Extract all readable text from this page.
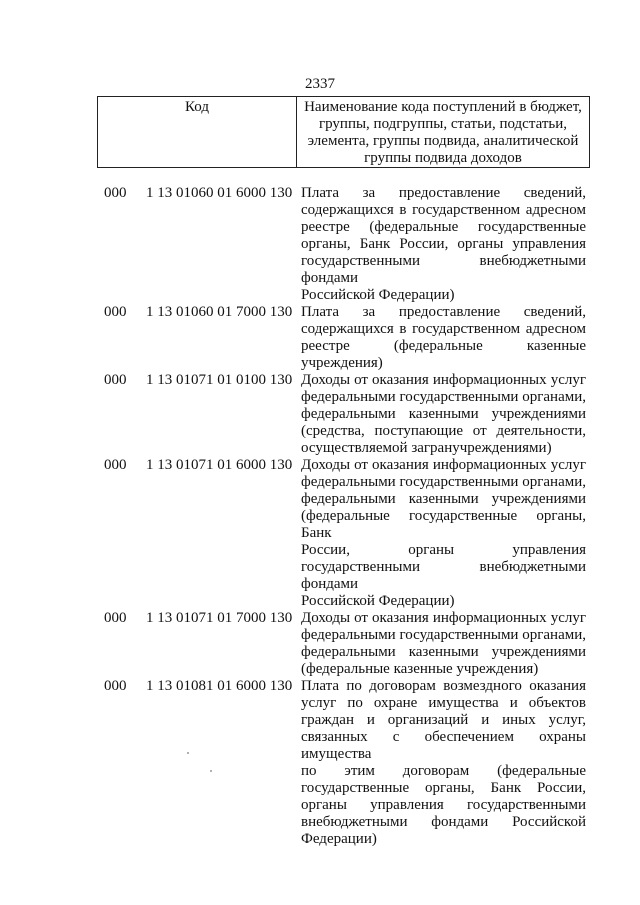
2337
Код	Наименование кода поступлений в бюджет,
группы, подгруппы, статьи, подстатьи,
элемента, группы подвида, аналитической
группы подвида доходов
000 1 13 01060 01 6000 130 Плата за предоставление сведений,
содержащихся в государственном адресном
реестре (федеральные государственные
органы, Банк России, органы управления
государственными внебюджетными фондами
Российской Федерации)
000 1 13 01060 01 7000 130 Плата за предоставление сведений,
содержащихся в государственном адресном
реестре (федеральные казенные учреждения)
000 1 13 01071 01 0100 130 Доходы от оказания информационных услуг
федеральными государственными органами,
федеральными казенными учреждениями
(средства, поступающие от деятельности,
осуществляемой загранучреждениями)
000 1 13 01071 01 6000 130 Доходы от оказания информационных услуг
федеральными государственными органами,
федеральными казенными учреждениями
(федеральные государственные органы, Банк
России, органы управления
государственными внебюджетными фондами
Российской Федерации)
000 1 13 01071 01 7000 130 Доходы от оказания информационных услуг
федеральными государственными органами,
федеральными казенными учреждениями
(федеральные казенные учреждения)
000 1 13 01081 01 6000 130 Плата по договорам возмездного оказания
услуг по охране имущества и объектов
граждан и организаций и иных услуг,
связанных с обеспечением охраны имущества
по этим договорам (федеральные
государственные органы, Банк России,
органы управления государственными
внебюджетными фондами Российской
Федерации)
